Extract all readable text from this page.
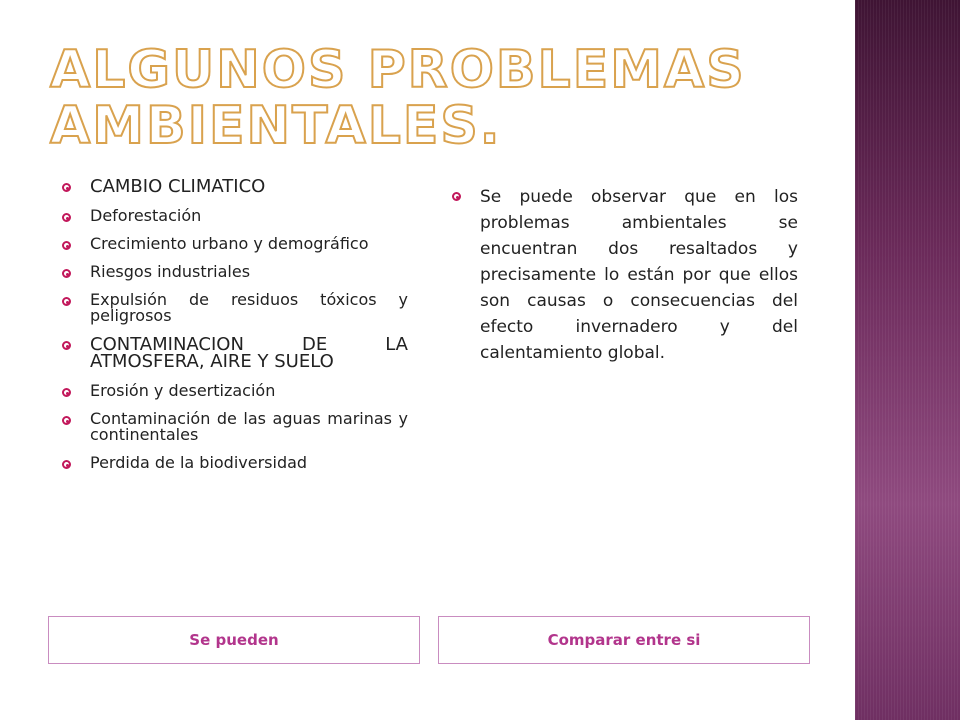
ALGUNOS PROBLEMAS
AMBIENTALES.
CAMBIO CLIMATICO
Deforestación
Crecimiento urbano y demográfico
Riesgos industriales
Expulsión de residuos tóxicos y peligrosos
CONTAMINACION DE LA ATMOSFERA, AIRE Y SUELO
Erosión y desertización
Contaminación de las aguas marinas y continentales
Perdida de la biodiversidad
Se puede observar que en los problemas ambientales se encuentran dos resaltados y precisamente lo están por que ellos son causas o consecuencias del efecto invernadero y del calentamiento global.
Se pueden	Comparar entre si
